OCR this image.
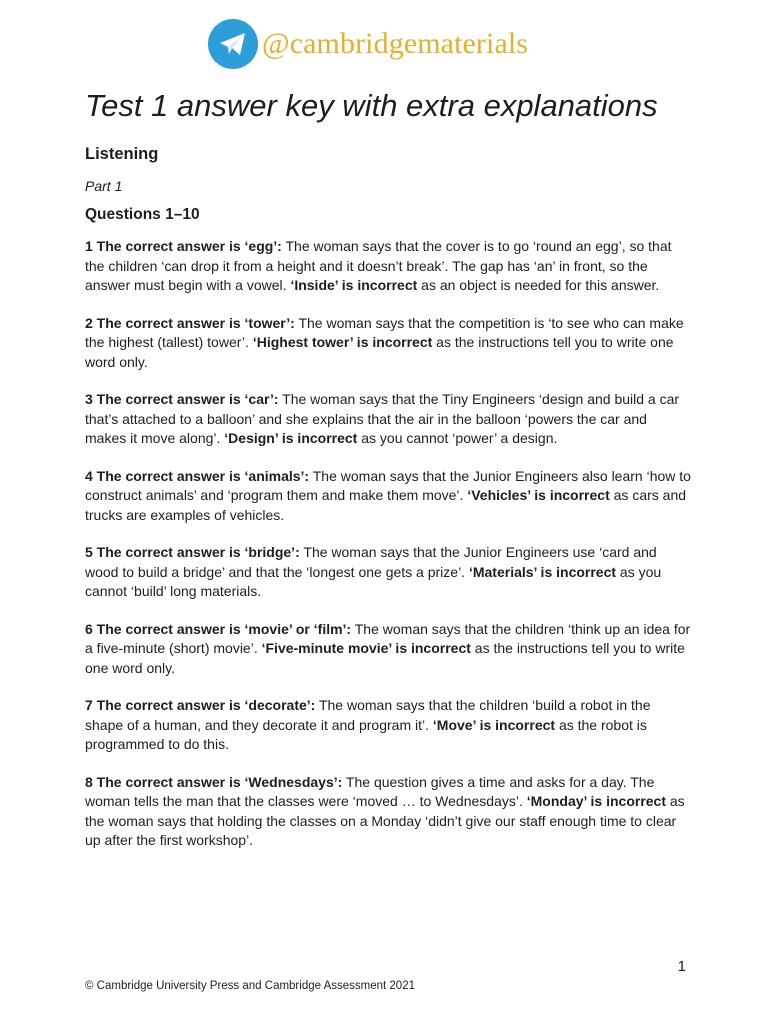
@cambridgematerials
Test 1 answer key with extra explanations
Listening
Part 1
Questions 1–10

1 The correct answer is ‘egg’: The woman says that the cover is to go ‘round an egg’, so that the children ‘can drop it from a height and it doesn’t break’. The gap has ‘an’ in front, so the answer must begin with a vowel. ‘Inside’ is incorrect as an object is needed for this answer.

2 The correct answer is ‘tower’: The woman says that the competition is ‘to see who can make the highest (tallest) tower’. ‘Highest tower’ is incorrect as the instructions tell you to write one word only.

3 The correct answer is ‘car’: The woman says that the Tiny Engineers ‘design and build a car that’s attached to a balloon’ and she explains that the air in the balloon ‘powers the car and makes it move along’. ‘Design’ is incorrect as you cannot ‘power’ a design.

4 The correct answer is ‘animals’: The woman says that the Junior Engineers also learn ‘how to construct animals’ and ‘program them and make them move’. ‘Vehicles’ is incorrect as cars and trucks are examples of vehicles.

5 The correct answer is ‘bridge’: The woman says that the Junior Engineers use ‘card and wood to build a bridge’ and that the ‘longest one gets a prize’. ‘Materials’ is incorrect as you cannot ‘build’ long materials.

6 The correct answer is ‘movie’ or ‘film’: The woman says that the children ‘think up an idea for a five-minute (short) movie’. ‘Five-minute movie’ is incorrect as the instructions tell you to write one word only.

7 The correct answer is ‘decorate’: The woman says that the children ‘build a robot in the shape of a human, and they decorate it and program it’. ‘Move’ is incorrect as the robot is programmed to do this.

8 The correct answer is ‘Wednesdays’: The question gives a time and asks for a day. The woman tells the man that the classes were ‘moved … to Wednesdays’. ‘Monday’ is incorrect as the woman says that holding the classes on a Monday ‘didn’t give our staff enough time to clear up after the first workshop’.

1
© Cambridge University Press and Cambridge Assessment 2021
